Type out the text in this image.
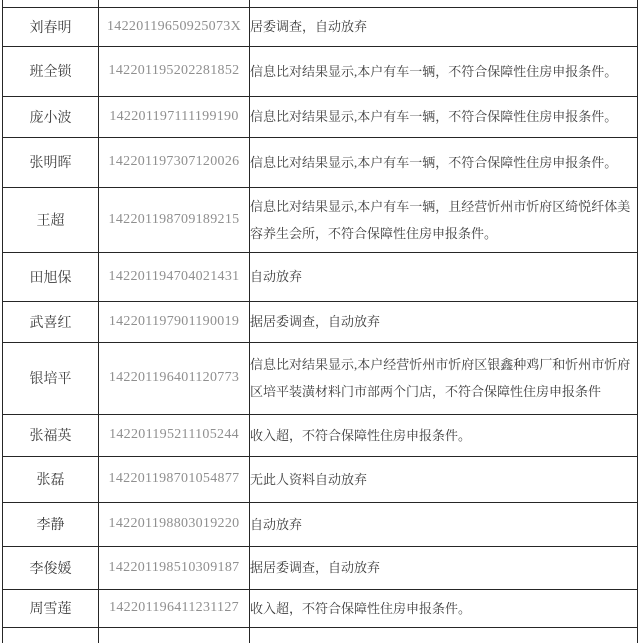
刘春明	14220119650925073X	居委调查，自动放弃
班全锁	142201195202281852	信息比对结果显示,本户有车一辆，不符合保障性住房申报条件。
庞小波	142201197111199190	信息比对结果显示,本户有车一辆，不符合保障性住房申报条件。
张明晖	142201197307120026	信息比对结果显示,本户有车一辆，不符合保障性住房申报条件。
王超	142201198709189215	信息比对结果显示,本户有车一辆，且经营忻州市忻府区绮悦纤体美容养生会所，不符合保障性住房申报条件。
田旭保	142201194704021431	自动放弃
武喜红	142201197901190019	据居委调查，自动放弃
银培平	142201196401120773	信息比对结果显示,本户经营忻州市忻府区银鑫种鸡厂和忻州市忻府区培平装潢材料门市部两个门店，不符合保障性住房申报条件
张福英	142201195211105244	收入超，不符合保障性住房申报条件。
张磊	142201198701054877	无此人资料自动放弃
李静	142201198803019220	自动放弃
李俊媛	142201198510309187	据居委调查，自动放弃
周雪莲	142201196411231127	收入超，不符合保障性住房申报条件。
